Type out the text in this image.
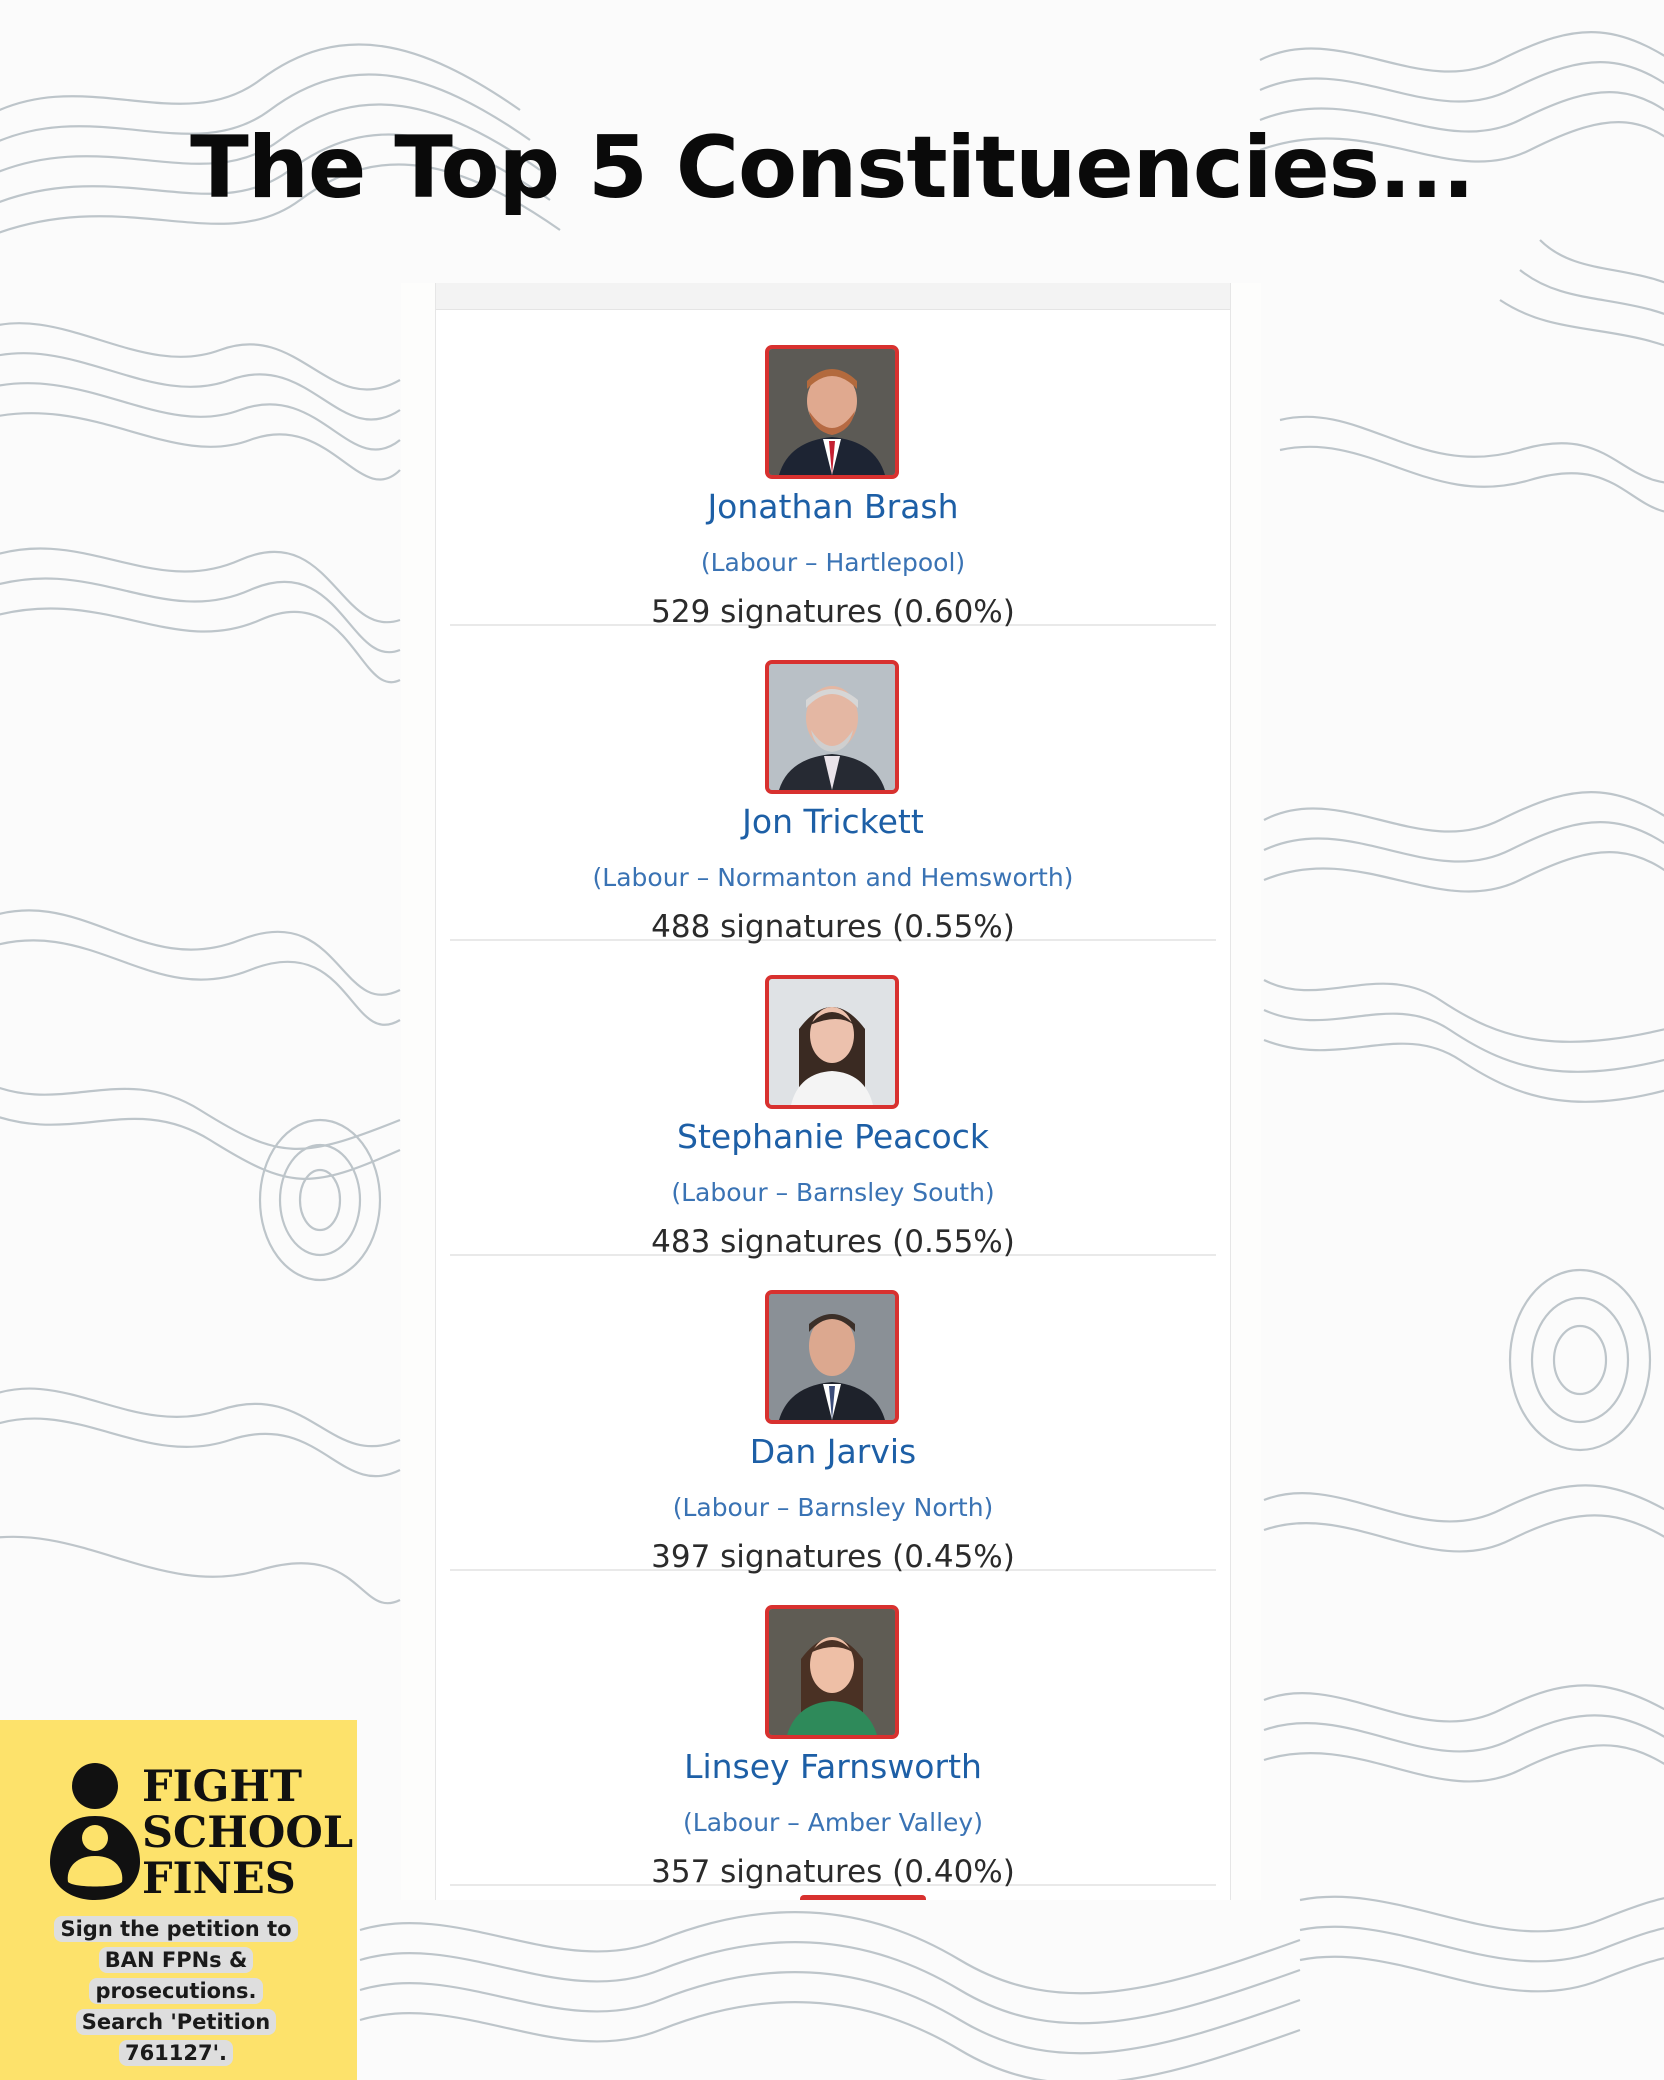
The Top 5 Constituencies...
Jonathan Brash
(Labour – Hartlepool)
529 signatures (0.60%)
Jon Trickett
(Labour – Normanton and Hemsworth)
488 signatures (0.55%)
Stephanie Peacock
(Labour – Barnsley South)
483 signatures (0.55%)
Dan Jarvis
(Labour – Barnsley North)
397 signatures (0.45%)
Linsey Farnsworth
(Labour – Amber Valley)
357 signatures (0.40%)
FIGHT
SCHOOL
FINES
Sign the petition to BAN FPNs & prosecutions. Search 'Petition 761127'.
